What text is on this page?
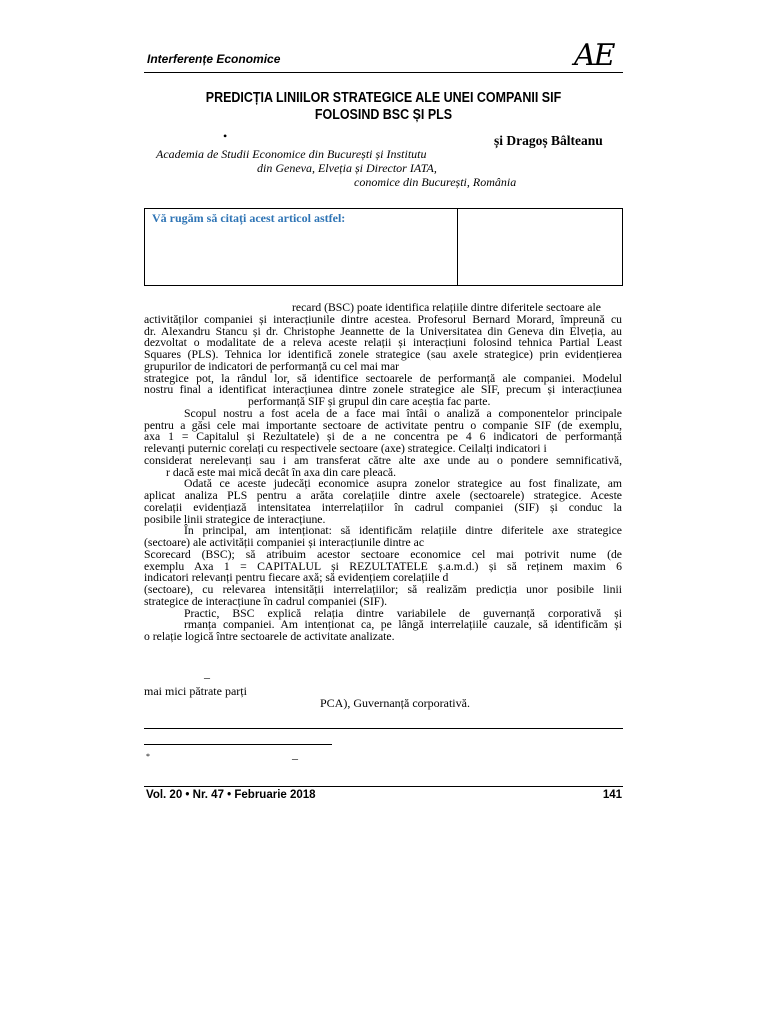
Interferențe Economice	AE
PREDICȚIA LINIILOR STRATEGICE ALE UNEI COMPANII SIF
FOLOSIND BSC ȘI PLS
•	și Dragoș Bâlteanu
Academia de Studii Economice din București și Institutu
din Geneva, Elveția și Director IATA,
conomice din București, România
Vă rugăm să citați acest articol astfel:
recard (BSC) poate identifica relațiile dintre diferitele sectoare ale
activităților companiei și interacțiunile dintre acestea. Profesorul Bernard Morard, împreună cu
dr. Alexandru Stancu și dr. Christophe Jeannette de la Universitatea din Geneva din Elveția, au
dezvoltat o modalitate de a releva aceste relații și interacțiuni folosind tehnica Partial Least
Squares (PLS). Tehnica lor identifică zonele strategice (sau axele strategice) prin evidențierea
grupurilor de indicatori de performanță cu cel mai mar
strategice pot, la rândul lor, să identifice sectoarele de performanță ale companiei. Modelul
nostru final a identificat interacțiunea dintre zonele strategice ale SIF, precum și interacțiunea
performanță SIF și grupul din care aceștia fac parte.
Scopul nostru a fost acela de a face mai întâi o analiză a componentelor principale
pentru a găsi cele mai importante sectoare de activitate pentru o companie SIF (de exemplu,
axa 1 = Capitalul și Rezultatele) și de a ne concentra pe 4 6 indicatori de performanță
relevanți puternic corelați cu respectivele sectoare (axe) strategice. Ceilalți indicatori i
considerat nerelevanți sau i am transferat către alte axe unde au o pondere semnificativă,
r dacă este mai mică decât în axa din care pleacă.
Odată ce aceste judecăți economice asupra zonelor strategice au fost finalizate, am
aplicat analiza PLS pentru a arăta corelațiile dintre axele (sectoarele) strategice. Aceste
corelații evidențiază intensitatea interrelațiilor în cadrul companiei (SIF) și conduc la
posibile linii strategice de interacțiune.
În principal, am intenționat: să identificăm relațiile dintre diferitele axe strategice
(sectoare) ale activității companiei și interacțiunile dintre ac
Scorecard (BSC); să atribuim acestor sectoare economice cel mai potrivit nume (de
exemplu Axa 1 = CAPITALUL și REZULTATELE ș.a.m.d.) și să reținem maxim 6
indicatori relevanți pentru fiecare axă; să evidențiem corelațiile d
(sectoare), cu relevarea intensității interrelațiilor; să realizăm predicția unor posibile linii
strategice de interacțiune în cadrul companiei (SIF).
Practic, BSC explică relația dintre variabilele de guvernanță corporativă și
rmanța companiei. Am intenționat ca, pe lângă interrelațiile cauzale, să identificăm și
o relație logică între sectoarele de activitate analizate.
–
mai mici pătrate parți
PCA), Guvernanță corporativă.
*	–
Vol. 20 • Nr. 47 • Februarie 2018	141
